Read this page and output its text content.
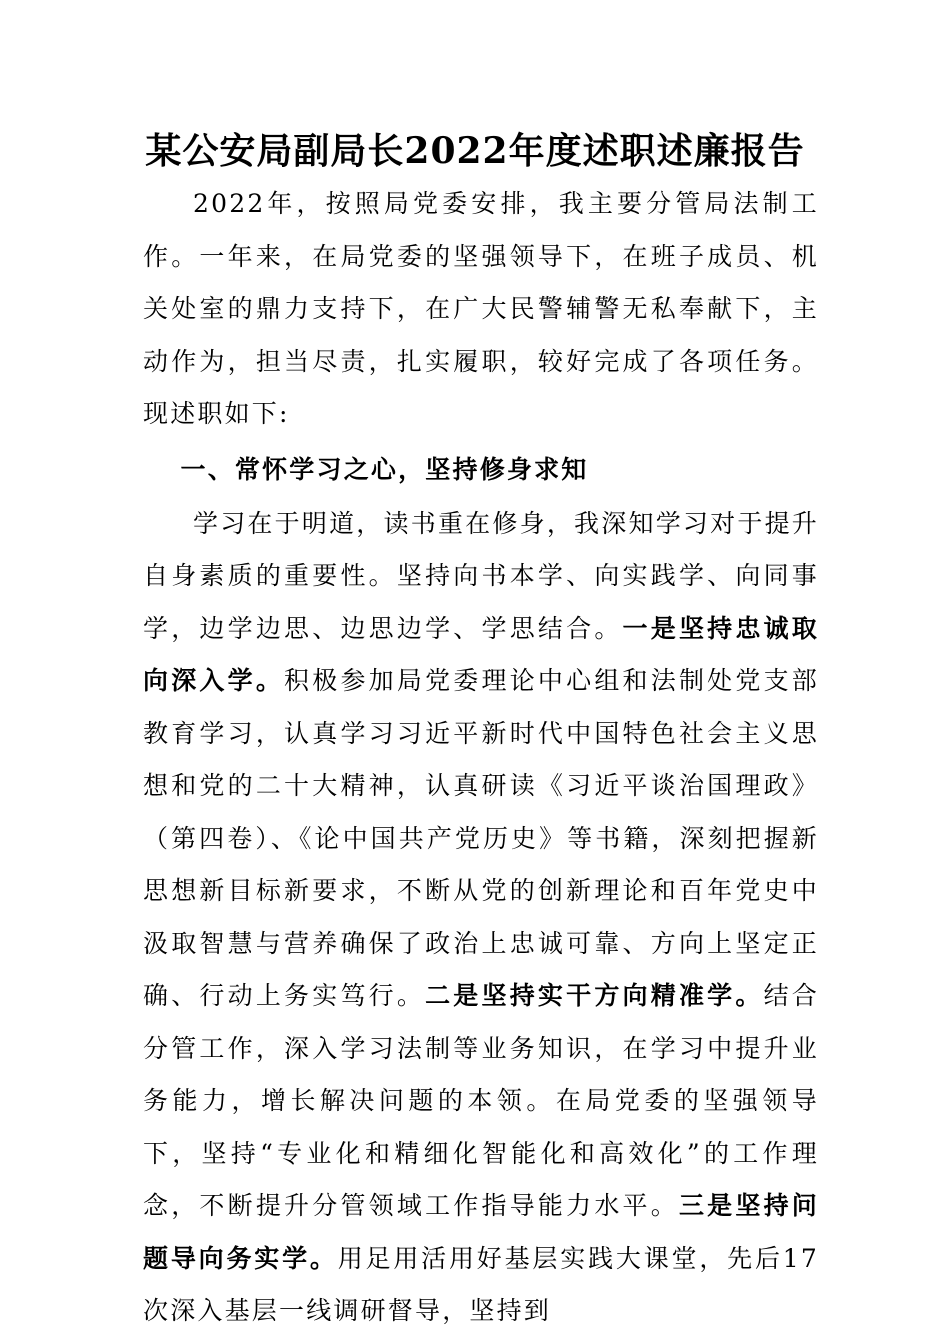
某公安局副局长2022年度述职述廉报告

2022年，按照局党委安排，我主要分管局法制工作。一年来，在局党委的坚强领导下，在班子成员、机关处室的鼎力支持下，在广大民警辅警无私奉献下，主动作为，担当尽责，扎实履职，较好完成了各项任务。现述职如下:

一、常怀学习之心，坚持修身求知

学习在于明道，读书重在修身，我深知学习对于提升自身素质的重要性。坚持向书本学、向实践学、向同事学，边学边思、边思边学、学思结合。一是坚持忠诚取向深入学。积极参加局党委理论中心组和法制处党支部教育学习，认真学习习近平新时代中国特色社会主义思想和党的二十大精神，认真研读《习近平谈治国理政》（第四卷）、《论中国共产党历史》等书籍，深刻把握新思想新目标新要求，不断从党的创新理论和百年党史中汲取智慧与营养确保了政治上忠诚可靠、方向上坚定正确、行动上务实笃行。二是坚持实干方向精准学。结合分管工作，深入学习法制等业务知识，在学习中提升业务能力，增长解决问题的本领。在局党委的坚强领导下，坚持“专业化和精细化智能化和高效化”的工作理念，不断提升分管领域工作指导能力水平。三是坚持问题导向务实学。用足用活用好基层实践大课堂，先后17次深入基层一线调研督导，坚持到
